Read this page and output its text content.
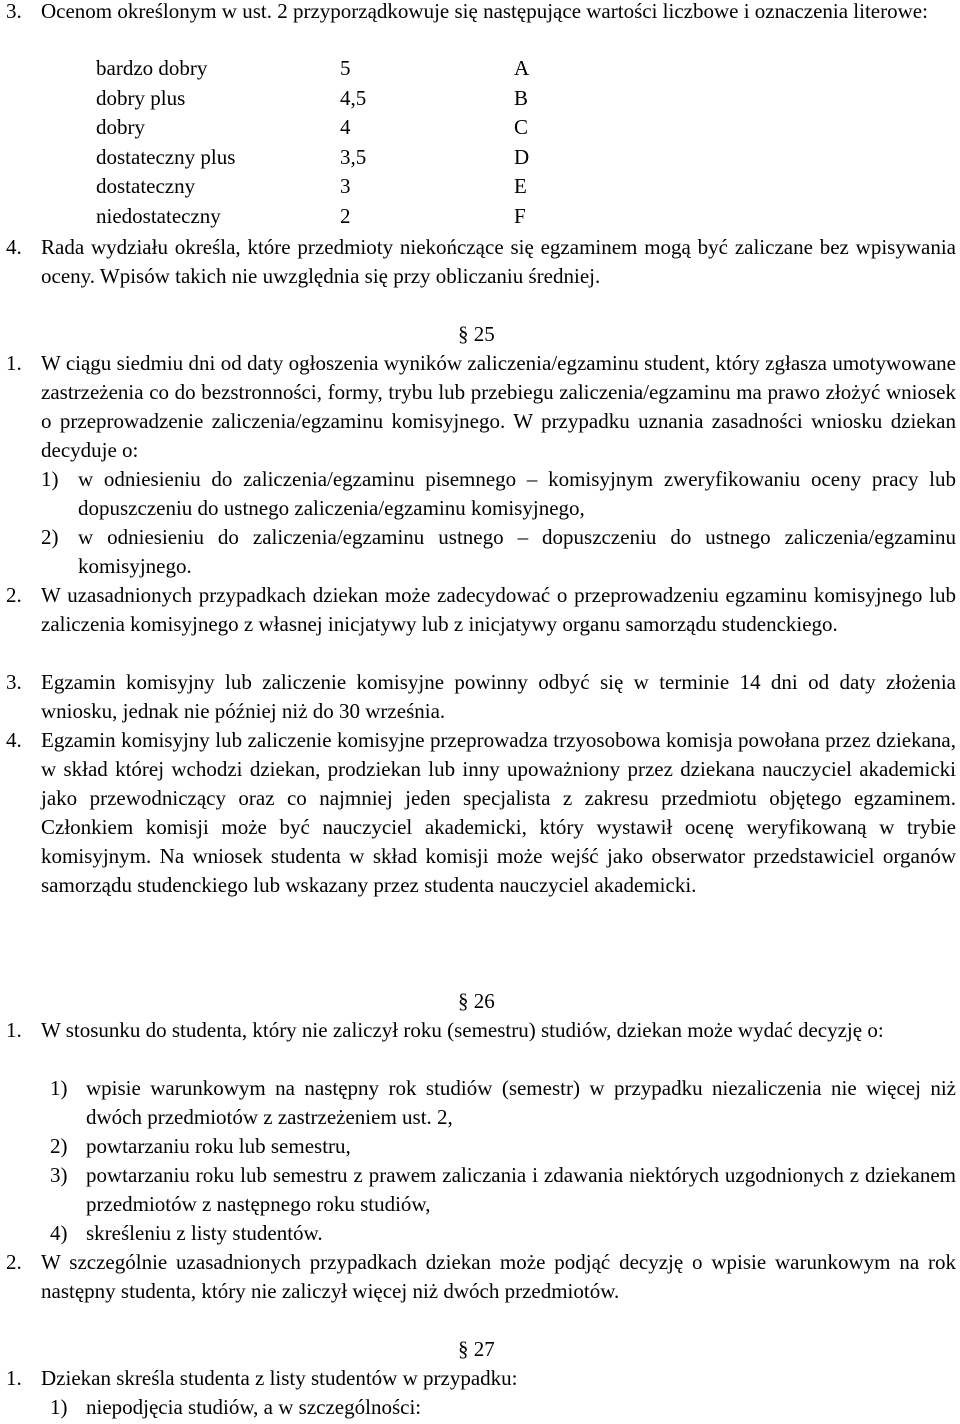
3. Ocenom określonym w ust. 2 przyporządkowuje się następujące wartości liczbowe i oznaczenia literowe:
bardzo dobry	5	A
dobry plus	4,5	B
dobry	4	C
dostateczny plus	3,5	D
dostateczny	3	E
niedostateczny	2	F
4. Rada wydziału określa, które przedmioty niekończące się egzaminem mogą być zaliczane bez wpisywania oceny. Wpisów takich nie uwzględnia się przy obliczaniu średniej.
§ 25
1. W ciągu siedmiu dni od daty ogłoszenia wyników zaliczenia/egzaminu student, który zgłasza umotywowane zastrzeżenia co do bezstronności, formy, trybu lub przebiegu zaliczenia/egzaminu ma prawo złożyć wniosek o przeprowadzenie zaliczenia/egzaminu komisyjnego. W przypadku uznania zasadności wniosku dziekan decyduje o:
1) w odniesieniu do zaliczenia/egzaminu pisemnego – komisyjnym zweryfikowaniu oceny pracy lub dopuszczeniu do ustnego zaliczenia/egzaminu komisyjnego,
2) w odniesieniu do zaliczenia/egzaminu ustnego – dopuszczeniu do ustnego zaliczenia/egzaminu komisyjnego.
2. W uzasadnionych przypadkach dziekan może zadecydować o przeprowadzeniu egzaminu komisyjnego lub zaliczenia komisyjnego z własnej inicjatywy lub z inicjatywy organu samorządu studenckiego.
3. Egzamin komisyjny lub zaliczenie komisyjne powinny odbyć się w terminie 14 dni od daty złożenia wniosku, jednak nie później niż do 30 września.
4. Egzamin komisyjny lub zaliczenie komisyjne przeprowadza trzyosobowa komisja powołana przez dziekana, w skład której wchodzi dziekan, prodziekan lub inny upoważniony przez dziekana nauczyciel akademicki jako przewodniczący oraz co najmniej jeden specjalista z zakresu przedmiotu objętego egzaminem. Członkiem komisji może być nauczyciel akademicki, który wystawił ocenę weryfikowaną w trybie komisyjnym. Na wniosek studenta w skład komisji może wejść jako obserwator przedstawiciel organów samorządu studenckiego lub wskazany przez studenta nauczyciel akademicki.
§ 26
1. W stosunku do studenta, który nie zaliczył roku (semestru) studiów, dziekan może wydać decyzję o:
1) wpisie warunkowym na następny rok studiów (semestr) w przypadku niezaliczenia nie więcej niż dwóch przedmiotów z zastrzeżeniem ust. 2,
2) powtarzaniu roku lub semestru,
3) powtarzaniu roku lub semestru z prawem zaliczania i zdawania niektórych uzgodnionych z dziekanem przedmiotów z następnego roku studiów,
4) skreśleniu z listy studentów.
2. W szczególnie uzasadnionych przypadkach dziekan może podjąć decyzję o wpisie warunkowym na rok następny studenta, który nie zaliczył więcej niż dwóch przedmiotów.
§ 27
1. Dziekan skreśla studenta z listy studentów w przypadku:
1) niepodjęcia studiów, a w szczególności:
